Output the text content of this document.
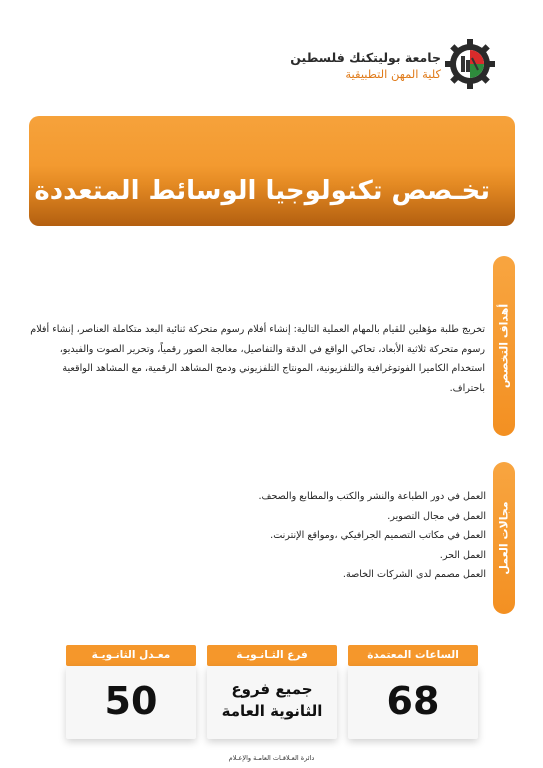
جامعة بوليتكنك فلسطين
كلية المهن التطبيقية
تخـصص تكنولوجيا الوسائط المتعددة
أهداف التخصص
تخريج طلبة مؤهلين للقيام بالمهام العملية التالية: إنشاء أفلام رسوم متحركة ثنائية البعد متكاملة العناصر، إنشاء أفلام رسوم متحركة ثلاثية الأبعاد، تحاكي الواقع في الدقة والتفاصيل، معالجة الصور رقمياً، وتحرير الصوت والفيديو، استخدام الكاميرا الفوتوغرافية والتلفزيونية، المونتاج التلفزيوني ودمج المشاهد الرقمية، مع المشاهد الواقعية باحتراف.
مجالات العمل
العمل في دور الطباعة والنشر والكتب والمطابع والصحف.
العمل في مجال التصوير.
العمل في مكاتب التصميم الجرافيكي ،ومواقع الإنترنت.
العمل الحر.
العمل مصمم لدى الشركات الخاصة.
الساعات المعتمدة
68
فرع الثـانـويـة
جميع فروع
الثانوية العامة
معـدل الثانـويـة
50
دائرة العـلاقـات العامـة والإعـلام
